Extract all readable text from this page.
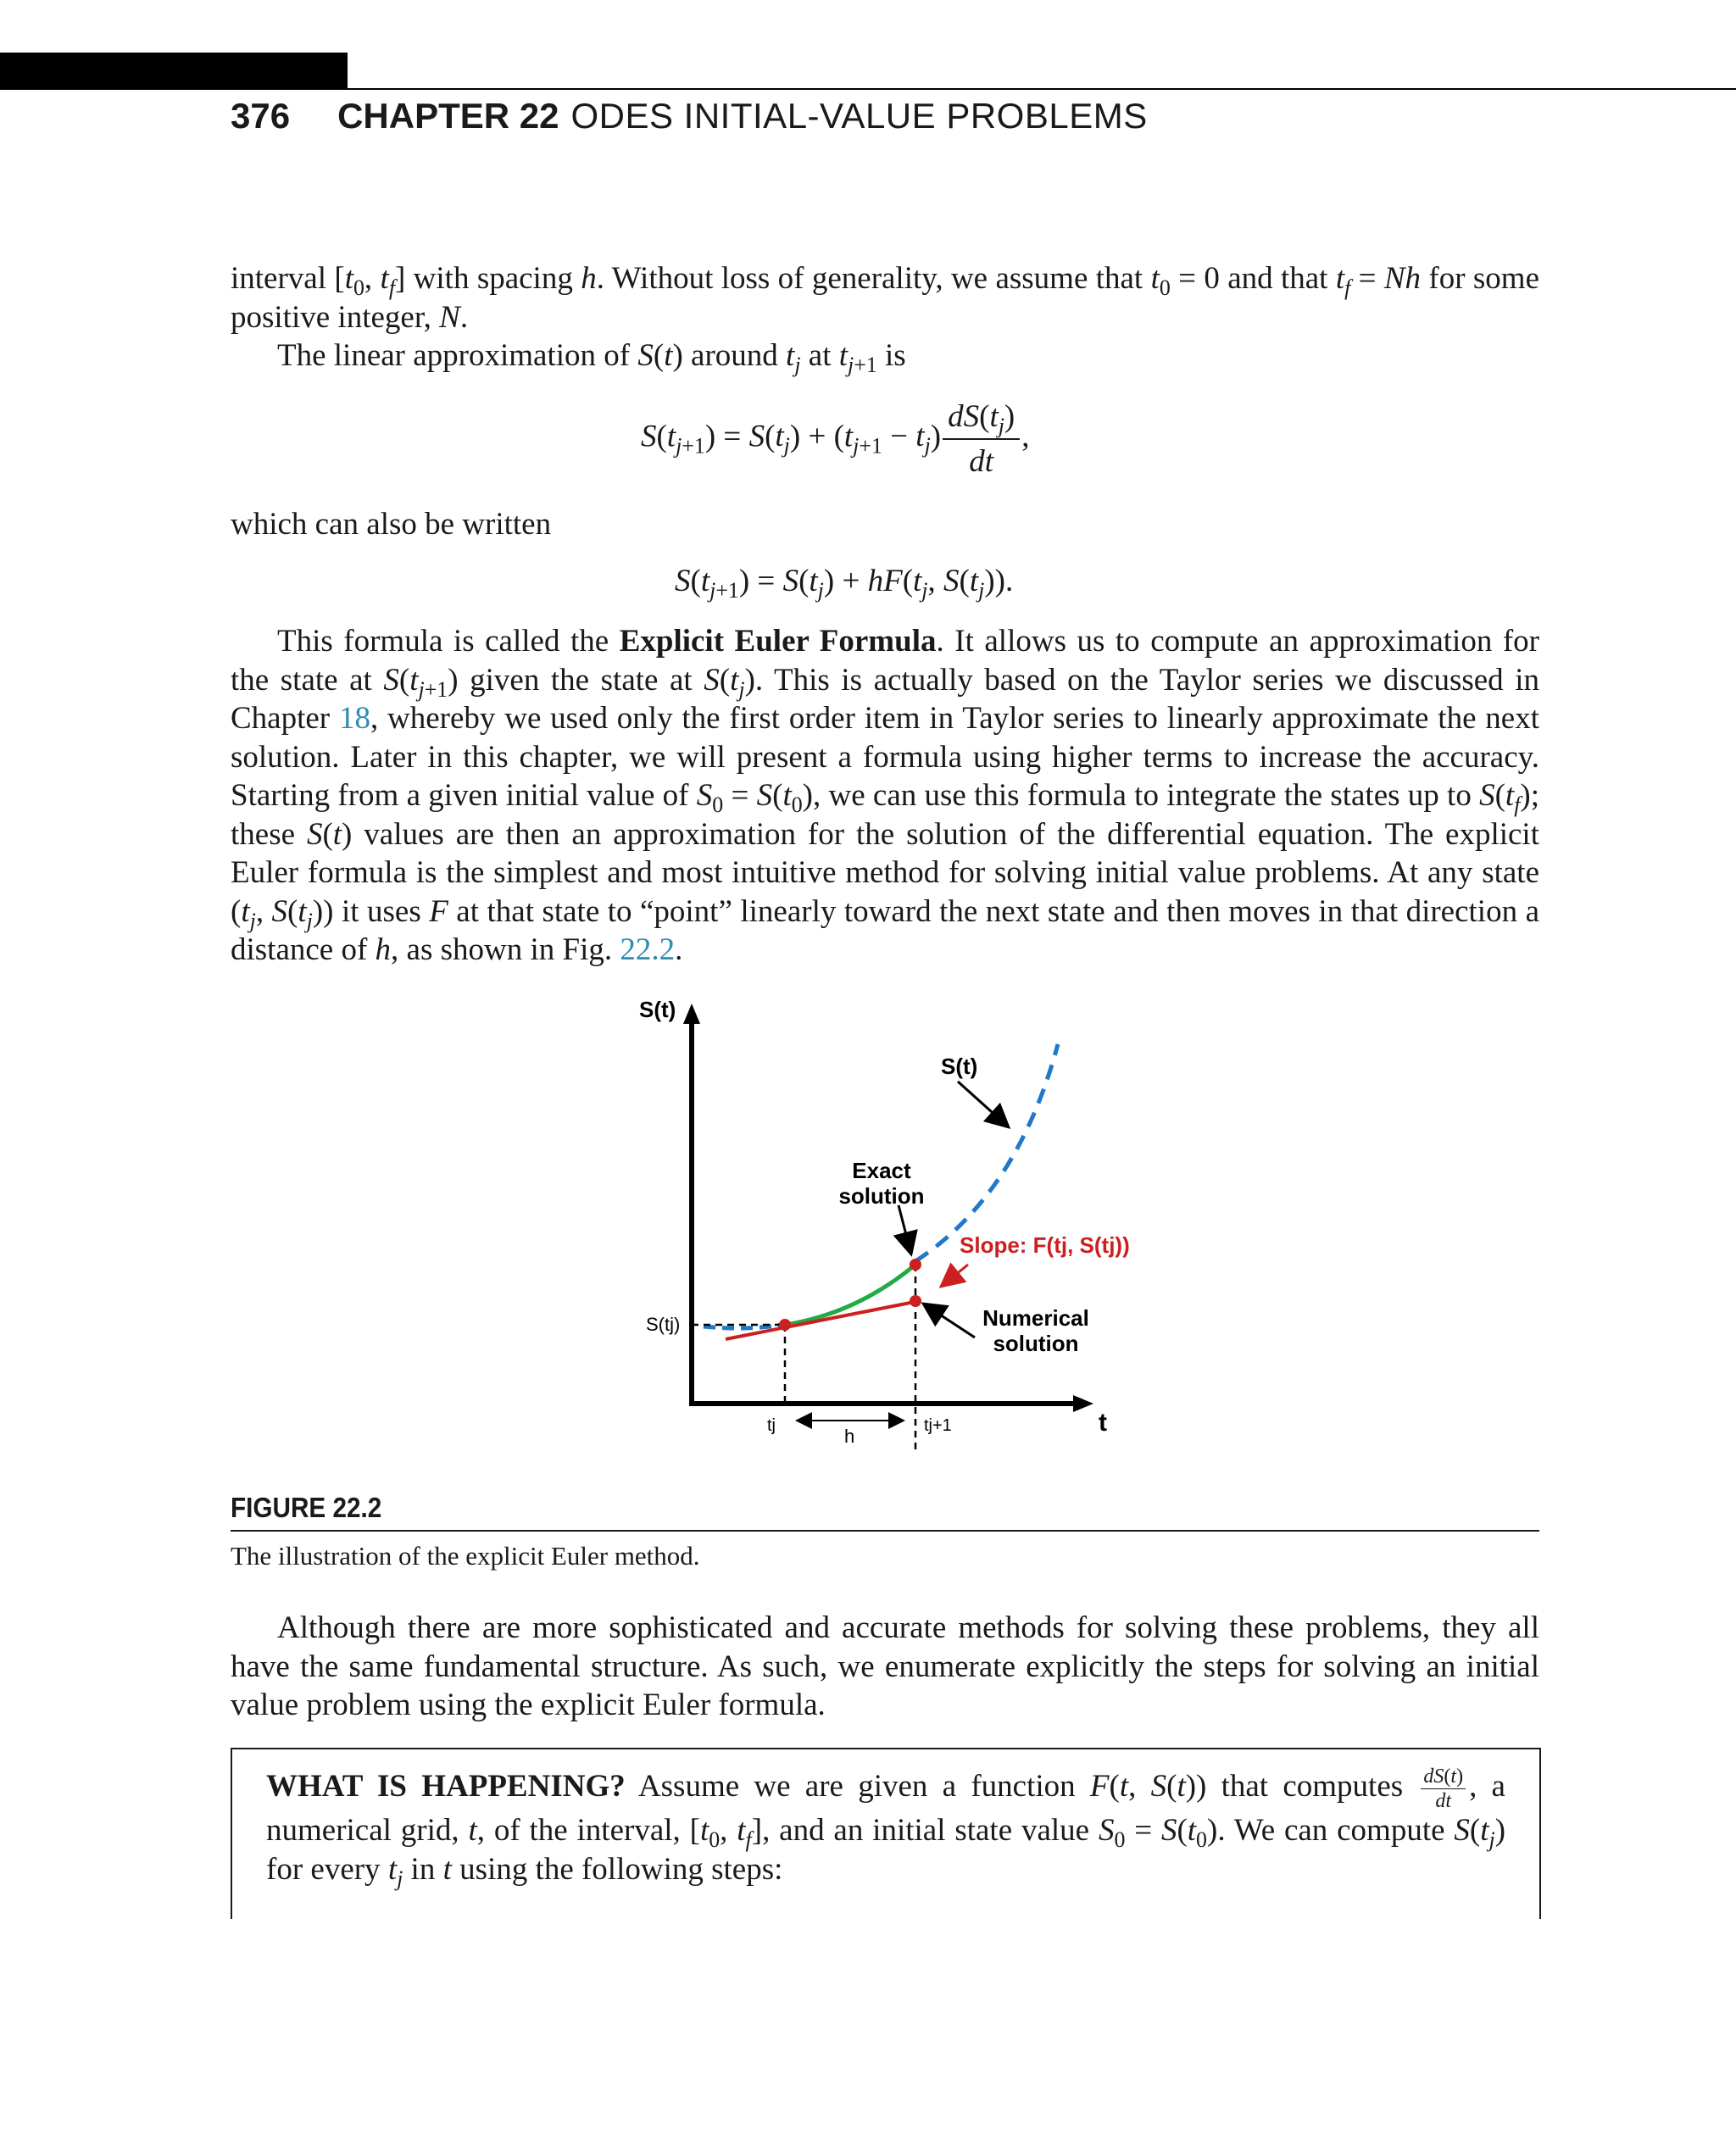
376 CHAPTER 22 ODES INITIAL-VALUE PROBLEMS

interval [$t_0$, $t_f$] with spacing h. Without loss of generality, we assume that $t_0 = 0$ and that $t_f = Nh$ for some positive integer, N.

The linear approximation of S(t) around $t_j$ at $t_{j+1}$ is

$S(t_{j+1}) = S(t_j) + (t_{j+1} - t_j) \frac{dS(t_j)}{dt}$ ,

which can also be written

$S(t_{j+1}) = S(t_j) + hF(t_j$, $S(t_j)$).

This formula is called the Explicit Euler Formula. It allows us to compute an approximation for the state at $S(t_{j+1})$ given the state at $S(t_j)$. This is actually based on the Taylor series we discussed in Chapter 18, whereby we used only the first order item in Taylor series to linearly approximate the next solution. Later in this chapter, we will present a formula using higher terms to increase the accuracy. Starting from a given initial value of $S_0 = S(t_0)$, we can use this formula to integrate the states up to $S(t_f)$; these S(t) values are then an approximation for the solution of the differential equation. The explicit Euler formula is the simplest and most intuitive method for solving initial value problems. At any state ($t_j$, $S(t_j)$) it uses F at that state to “point” linearly toward the next state and then moves in that direction a distance of h, as shown in Fig. 22.2.

S(t)
S(t)
Exact
solution
Slope: F(tj, S(tj))
Numerical
solution
t
S(tj)
tj	h	tj+1
FIGURE 22.2
The illustration of the explicit Euler method.

Although there are more sophisticated and accurate methods for solving these problems, they all have the same fundamental structure. As such, we enumerate explicitly the steps for solving an initial value problem using the explicit Euler formula.

WHAT IS HAPPENING? Assume we are given a function F(t, S(t)) that computes $\frac{dS(t)}{dt}$ , a numerical grid, t, of the interval, [$t_0$, $t_f$], and an initial state value $S_0 = S(t_0)$. We can compute $S(t_j)$ for every $t_j$ in t using the following steps:
